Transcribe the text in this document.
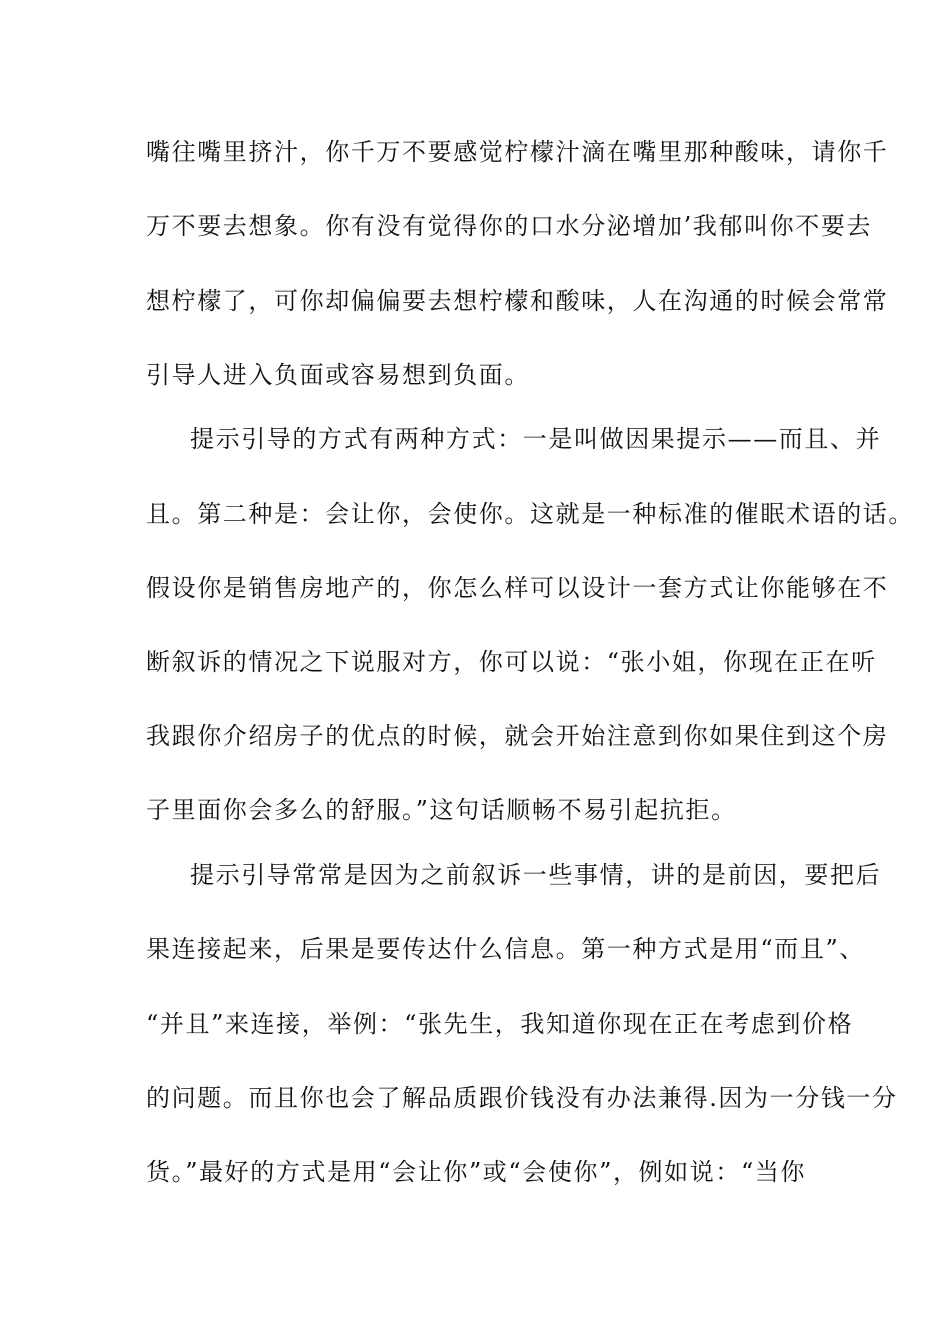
嘴往嘴里挤汁，你千万不要感觉柠檬汁滴在嘴里那种酸味，请你千
万不要去想象。你有没有觉得你的口水分泌增加’我郁叫你不要去
想柠檬了，可你却偏偏要去想柠檬和酸味，人在沟通的时候会常常
引导人进入负面或容易想到负面。
提示引导的方式有两种方式：一是叫做因果提示——而且、并
且。第二种是：会让你，会使你。这就是一种标准的催眠术语的话。
假设你是销售房地产的，你怎么样可以设计一套方式让你能够在不
断叙诉的情况之下说服对方，你可以说：“张小姐，你现在正在听
我跟你介绍房子的优点的时候，就会开始注意到你如果住到这个房
子里面你会多么的舒服。”这句话顺畅不易引起抗拒。
提示引导常常是因为之前叙诉一些事情，讲的是前因，要把后
果连接起来，后果是要传达什么信息。第一种方式是用“而且”、
“并且”来连接，举例：“张先生，我知道你现在正在考虑到价格
的问题。而且你也会了解品质跟价钱没有办法兼得.因为一分钱一分
货。”最好的方式是用“会让你”或“会使你”，例如说：“当你
